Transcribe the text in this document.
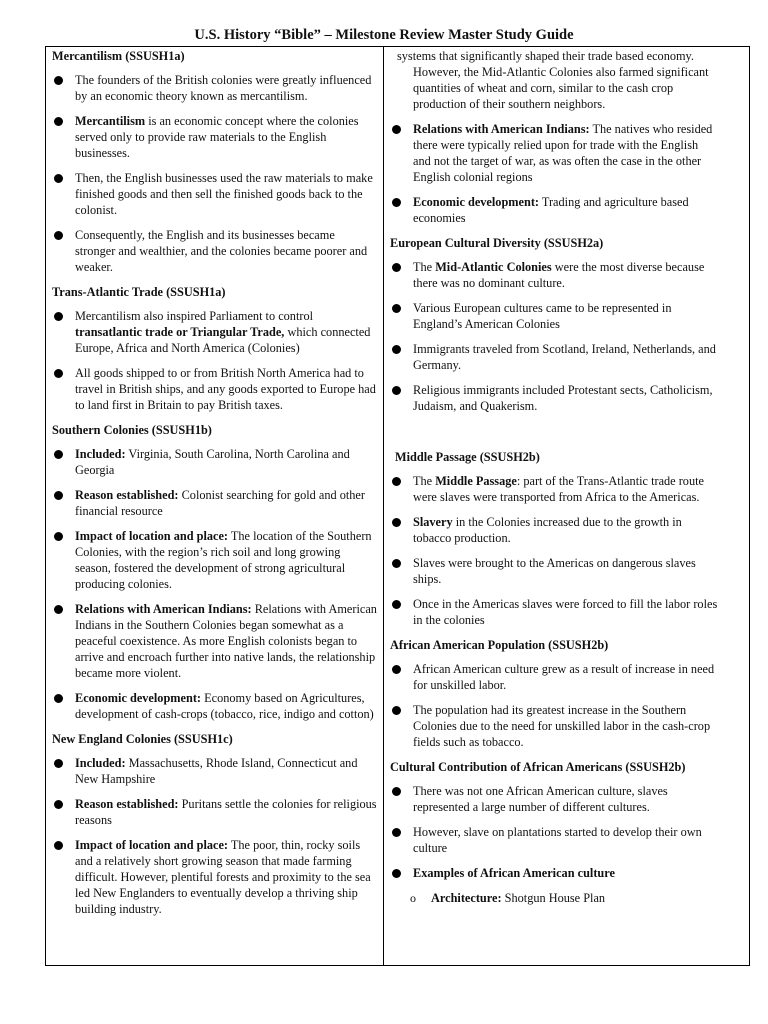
U.S. History “Bible” – Milestone Review Master Study Guide
Mercantilism (SSUSH1a)
The founders of the British colonies were greatly influenced by an economic theory known as mercantilism.
Mercantilism is an economic concept where the colonies served only to provide raw materials to the English businesses.
Then, the English businesses used the raw materials to make finished goods and then sell the finished goods back to the colonist.
Consequently, the English and its businesses became stronger and wealthier, and the colonies became poorer and weaker.
Trans-Atlantic Trade (SSUSH1a)
Mercantilism also inspired Parliament to control transatlantic trade or Triangular Trade, which connected Europe, Africa and North America (Colonies)
All goods shipped to or from British North America had to travel in British ships, and any goods exported to Europe had to land first in Britain to pay British taxes.
Southern Colonies (SSUSH1b)
Included: Virginia, South Carolina, North Carolina and Georgia
Reason established: Colonist searching for gold and other financial resource
Impact of location and place: The location of the Southern Colonies, with the region’s rich soil and long growing season, fostered the development of strong agricultural producing colonies.
Relations with American Indians: Relations with American Indians in the Southern Colonies began somewhat as a peaceful coexistence. As more English colonists began to arrive and encroach further into native lands, the relationship became more violent.
Economic development: Economy based on Agricultures, development of cash-crops (tobacco, rice, indigo and cotton)
New England Colonies (SSUSH1c)
Included: Massachusetts, Rhode Island, Connecticut and New Hampshire
Reason established: Puritans settle the colonies for religious reasons
Impact of location and place: The poor, thin, rocky soils and a relatively short growing season that made farming difficult. However, plentiful forests and proximity to the sea led New Englanders to eventually develop a thriving ship building industry.
systems that significantly shaped their trade based economy. However, the Mid-Atlantic Colonies also farmed significant quantities of wheat and corn, similar to the cash crop production of their southern neighbors.
Relations with American Indians: The natives who resided there were typically relied upon for trade with the English and not the target of war, as was often the case in the other English colonial regions
Economic development: Trading and agriculture based economies
European Cultural Diversity (SSUSH2a)
The Mid-Atlantic Colonies were the most diverse because there was no dominant culture.
Various European cultures came to be represented in England’s American Colonies
Immigrants traveled from Scotland, Ireland, Netherlands, and Germany.
Religious immigrants included Protestant sects, Catholicism, Judaism, and Quakerism.
Middle Passage (SSUSH2b)
The Middle Passage: part of the Trans-Atlantic trade route were slaves were transported from Africa to the Americas.
Slavery in the Colonies increased due to the growth in tobacco production.
Slaves were brought to the Americas on dangerous slaves ships.
Once in the Americas slaves were forced to fill the labor roles in the colonies
African American Population (SSUSH2b)
African American culture grew as a result of increase in need for unskilled labor.
The population had its greatest increase in the Southern Colonies due to the need for unskilled labor in the cash-crop fields such as tobacco.
Cultural Contribution of African Americans (SSUSH2b)
There was not one African American culture, slaves represented a large number of different cultures.
However, slave on plantations started to develop their own culture
Examples of African American culture
o Architecture: Shotgun House Plan
